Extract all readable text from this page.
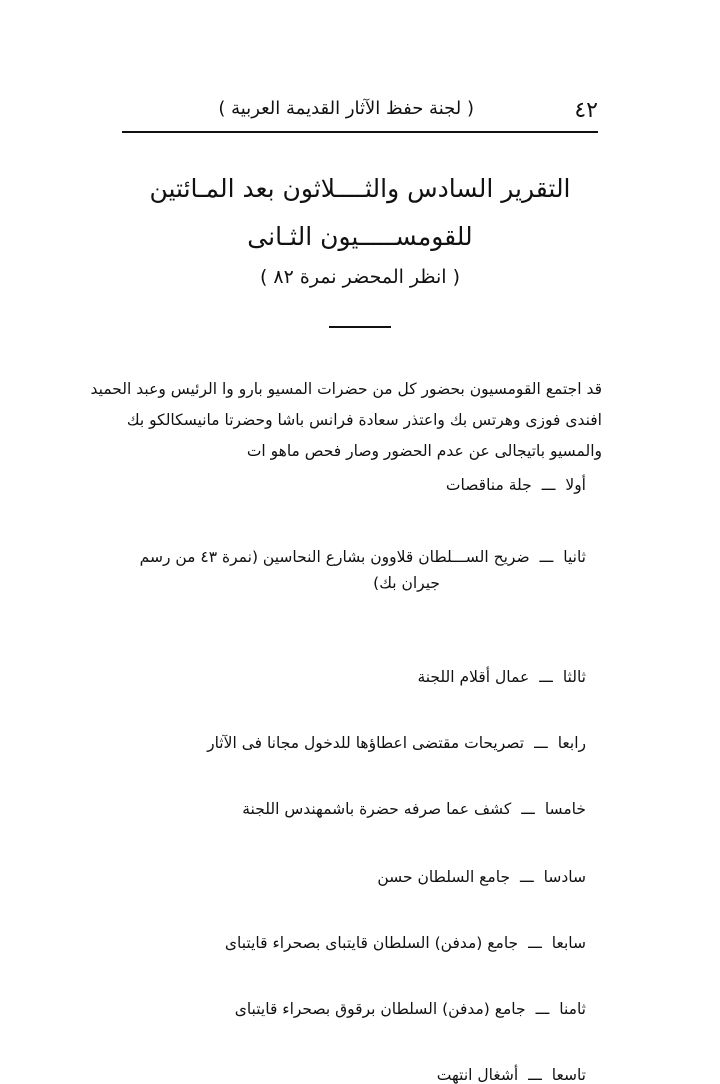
٤٢
( لجنة حفظ الآثار القديمة العربية )
التقرير السادس والثــــلاثون بعد المـائتين
للقومســـــيون الثـانى
( انظر المحضر نمرة ٨٢ )
قد اجتمع القومسيون بحضور كل من حضرات المسيو بارو وا الرئيس وعبد الحميد
افندى فوزى وهرتس بك واعتذر سعادة فرانس باشا وحضرتا مانيسكالكو بك
والمسيو باتيجالى عن عدم الحضور وصار فحص ماهو ات
أولاـــجلة مناقصات
ثانياـــضريح الســـلطان قلاوون بشارع النحاسين (نمرة ٤٣ من رسم
جيران بك)
ثالثاـــعمال أقلام اللجنة
رابعاـــتصريحات مقتضى اعطاؤها للدخول مجانا فى الآثار
خامساـــكشف عما صرفه حضرة باشمهندس اللجنة
سادساـــجامع السلطان حسن
سابعاـــجامع (مدفن) السلطان قايتباى بصحراء قايتباى
ثامناـــجامع (مدفن) السلطان برقوق بصحراء قايتباى
تاسعاـــأشغال انتهت
